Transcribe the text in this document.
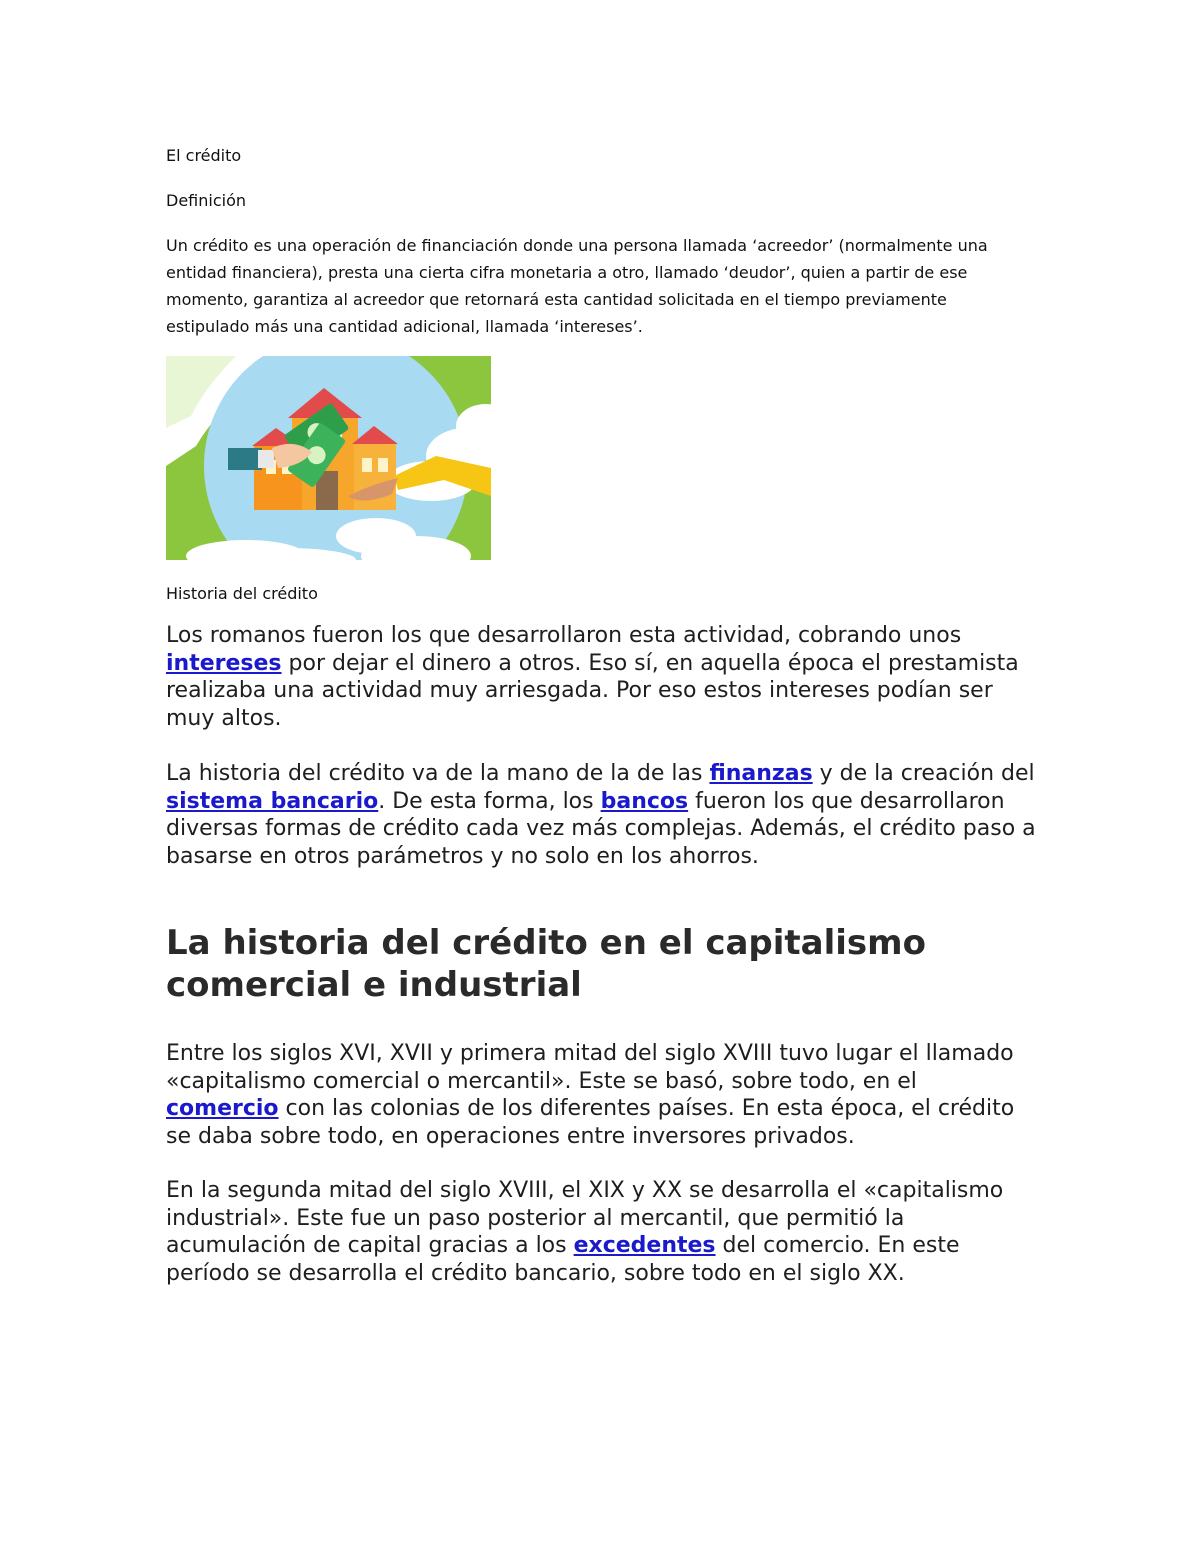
El crédito

Definición

Un crédito es una operación de financiación donde una persona llamada ‘acreedor’ (normalmente una entidad financiera), presta una cierta cifra monetaria a otro, llamado ‘deudor’, quien a partir de ese momento, garantiza al acreedor que retornará esta cantidad solicitada en el tiempo previamente estipulado más una cantidad adicional, llamada ‘intereses’.

Historia del crédito

Los romanos fueron los que desarrollaron esta actividad, cobrando unos intereses por dejar el dinero a otros. Eso sí, en aquella época el prestamista realizaba una actividad muy arriesgada. Por eso estos intereses podían ser muy altos.

La historia del crédito va de la mano de la de las finanzas y de la creación del sistema bancario. De esta forma, los bancos fueron los que desarrollaron diversas formas de crédito cada vez más complejas. Además, el crédito paso a basarse en otros parámetros y no solo en los ahorros.

La historia del crédito en el capitalismo comercial e industrial

Entre los siglos XVI, XVII y primera mitad del siglo XVIII tuvo lugar el llamado «capitalismo comercial o mercantil». Este se basó, sobre todo, en el comercio con las colonias de los diferentes países. En esta época, el crédito se daba sobre todo, en operaciones entre inversores privados.

En la segunda mitad del siglo XVIII, el XIX y XX se desarrolla el «capitalismo industrial». Este fue un paso posterior al mercantil, que permitió la acumulación de capital gracias a los excedentes del comercio. En este período se desarrolla el crédito bancario, sobre todo en el siglo XX.
